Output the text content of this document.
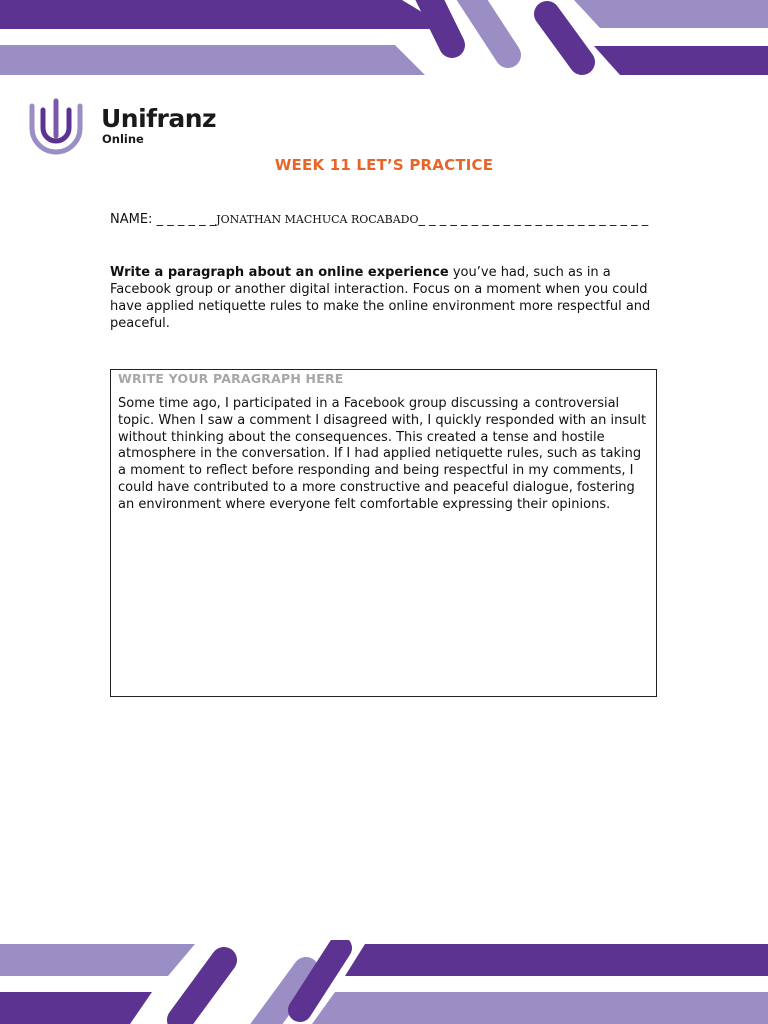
Unifranz
Online
WEEK 11 LET’S PRACTICE
NAME: _ _ _ _ _ _JONATHAN MACHUCA ROCABADO_ _ _ _ _ _ _ _ _ _ _ _ _ _ _ _ _ _ _ _ _ _
Write a paragraph about an online experience you’ve had, such as in a Facebook group or another digital interaction. Focus on a moment when you could have applied netiquette rules to make the online environment more respectful and peaceful.
WRITE YOUR PARAGRAPH HERE
Some time ago, I participated in a Facebook group discussing a controversial topic. When I saw a comment I disagreed with, I quickly responded with an insult without thinking about the consequences. This created a tense and hostile atmosphere in the conversation. If I had applied netiquette rules, such as taking a moment to reflect before responding and being respectful in my comments, I could have contributed to a more constructive and peaceful dialogue, fostering an environment where everyone felt comfortable expressing their opinions.
